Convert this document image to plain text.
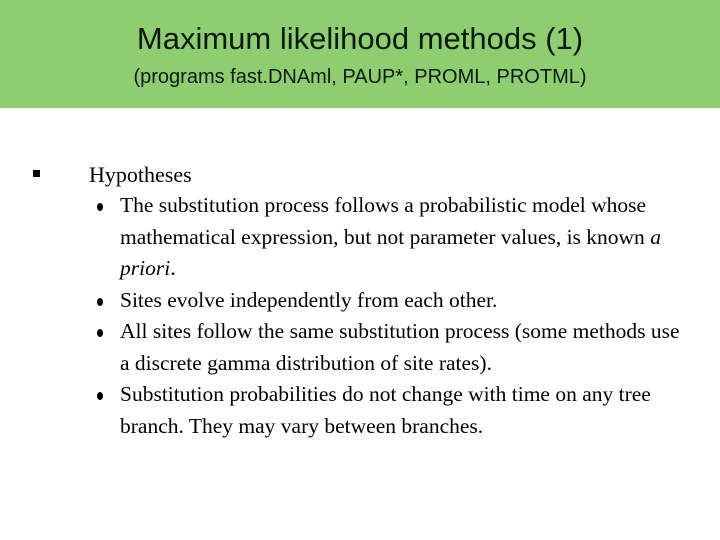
Maximum likelihood methods (1)
(programs fast.DNAml, PAUP*, PROML, PROTML)
Hypotheses
The substitution process follows a probabilistic model whose mathematical expression, but not parameter values, is known a priori.
Sites evolve independently from each other.
All sites follow the same substitution process (some methods use a discrete gamma distribution of site rates).
Substitution probabilities do not change with time on any tree branch. They may vary between branches.
